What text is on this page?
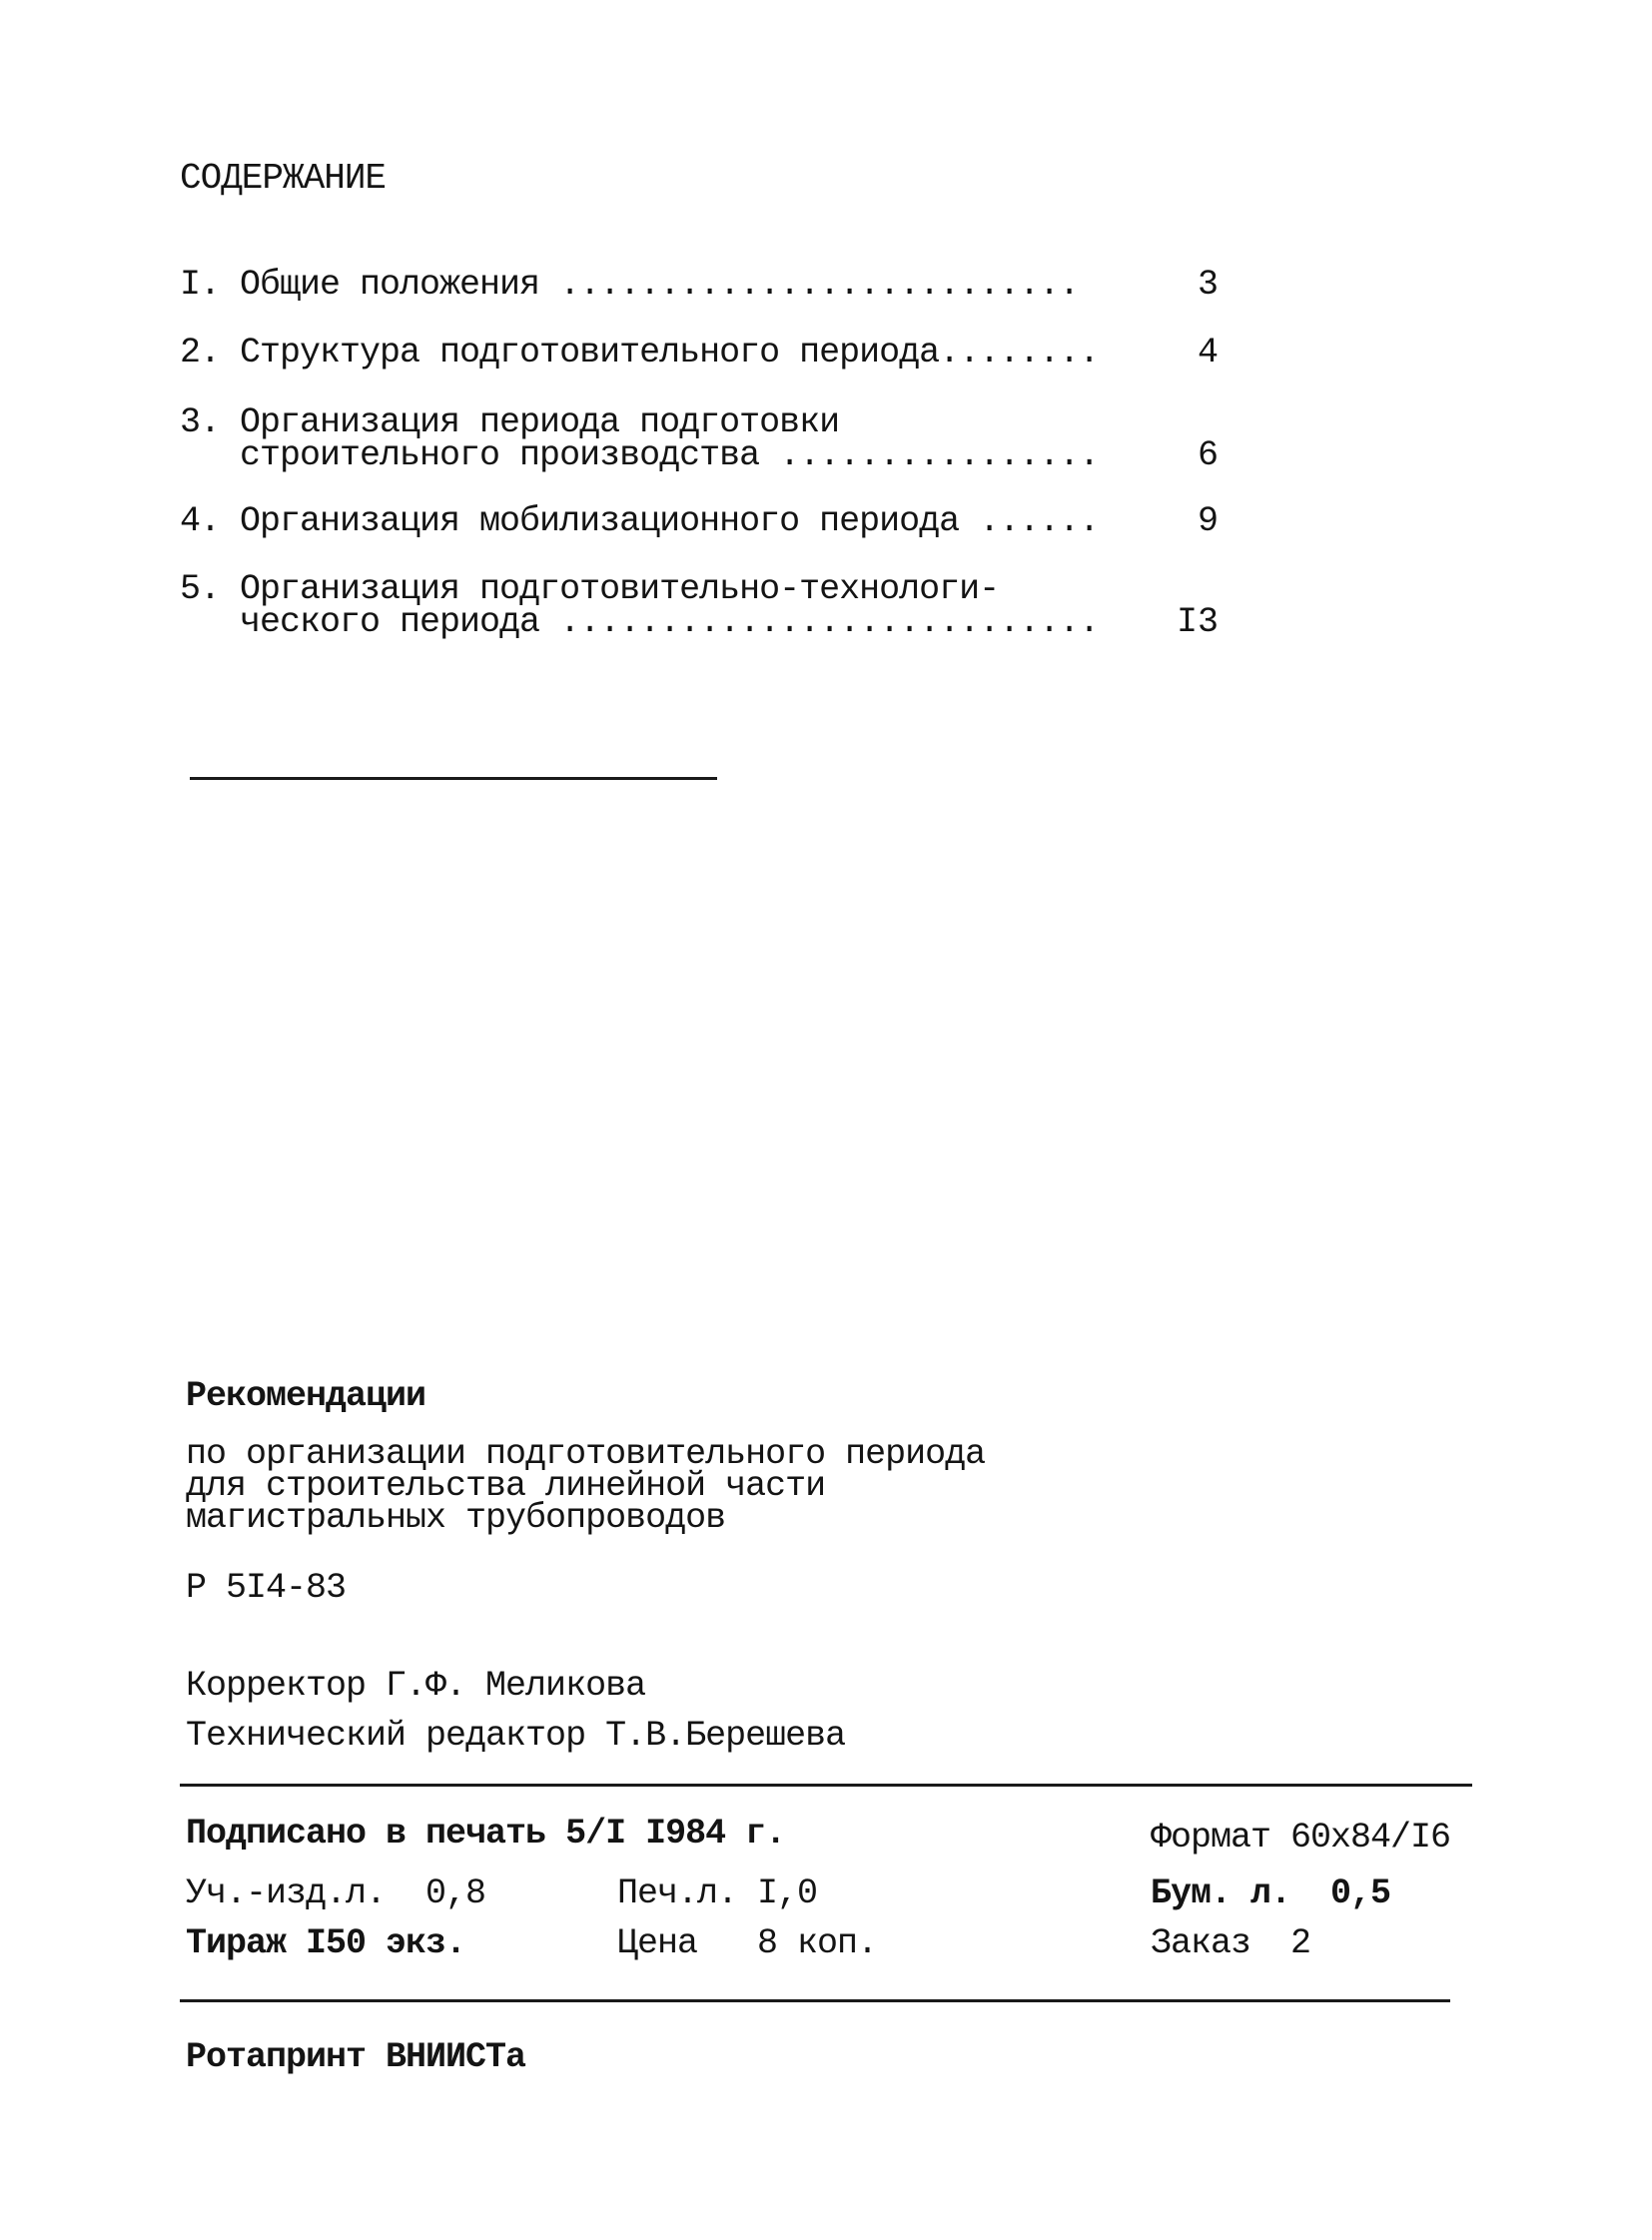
СОДЕРЖАНИЕ
I. Общие положения ..........................	3
2. Структура подготовительного периода........	4
3. Организация периода подготовки
строительного производства ................	6
4. Организация мобилизационного периода ......	9
5. Организация подготовительно-технологи-
ческого периода ...........................	I3
Рекомендации
по организации подготовительного периода
для строительства линейной части
магистральных трубопроводов
Р 5I4-83
Корректор Г.Ф. Меликова
Технический редактор Т.В.Берешева
Подписано в печать 5/I I984 г.	Формат 60х84/I6
Уч.-изд.л.  0,8	Печ.л. I,0	Бум. л.  0,5
Тираж I50 экз.	Цена   8 коп.	Заказ  2
Ротапринт ВНИИСТа
